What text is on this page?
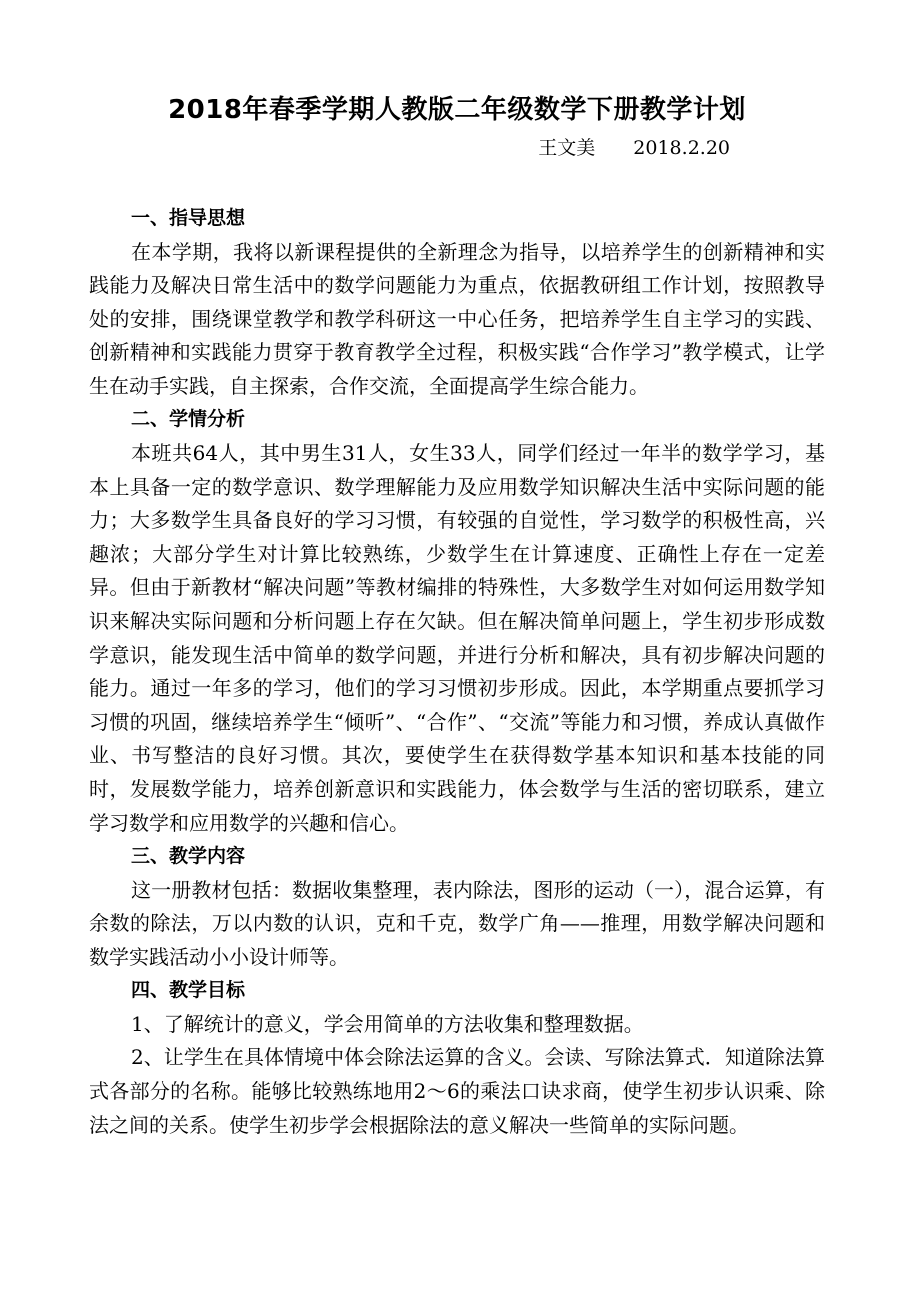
2018年春季学期人教版二年级数学下册教学计划

王文美 2018.2.20

一、指导思想

在本学期，我将以新课程提供的全新理念为指导，以培养学生的创新精神和实践能力及解决日常生活中的数学问题能力为重点，依据教研组工作计划，按照教导处的安排，围绕课堂教学和教学科研这一中心任务，把培养学生自主学习的实践、创新精神和实践能力贯穿于教育教学全过程，积极实践“合作学习”教学模式，让学生在动手实践，自主探索，合作交流，全面提高学生综合能力。

二、学情分析

本班共64人，其中男生31人，女生33人，同学们经过一年半的数学学习，基本上具备一定的数学意识、数学理解能力及应用数学知识解决生活中实际问题的能力；大多数学生具备良好的学习习惯，有较强的自觉性，学习数学的积极性高，兴趣浓；大部分学生对计算比较熟练，少数学生在计算速度、正确性上存在一定差异。但由于新教材“解决问题”等教材编排的特殊性，大多数学生对如何运用数学知识来解决实际问题和分析问题上存在欠缺。但在解决简单问题上，学生初步形成数学意识，能发现生活中简单的数学问题，并进行分析和解决，具有初步解决问题的能力。通过一年多的学习，他们的学习习惯初步形成。因此，本学期重点要抓学习习惯的巩固，继续培养学生“倾听”、“合作”、“交流”等能力和习惯，养成认真做作业、书写整洁的良好习惯。其次，要使学生在获得数学基本知识和基本技能的同时，发展数学能力，培养创新意识和实践能力，体会数学与生活的密切联系，建立学习数学和应用数学的兴趣和信心。

三、教学内容

这一册教材包括：数据收集整理，表内除法，图形的运动（一），混合运算，有余数的除法，万以内数的认识，克和千克，数学广角——推理，用数学解决问题和数学实践活动小小设计师等。

四、教学目标

1、了解统计的意义，学会用简单的方法收集和整理数据。

2、让学生在具体情境中体会除法运算的含义。会读、写除法算式．知道除法算式各部分的名称。能够比较熟练地用2～6的乘法口诀求商，使学生初步认识乘、除法之间的关系。使学生初步学会根据除法的意义解决一些简单的实际问题。
